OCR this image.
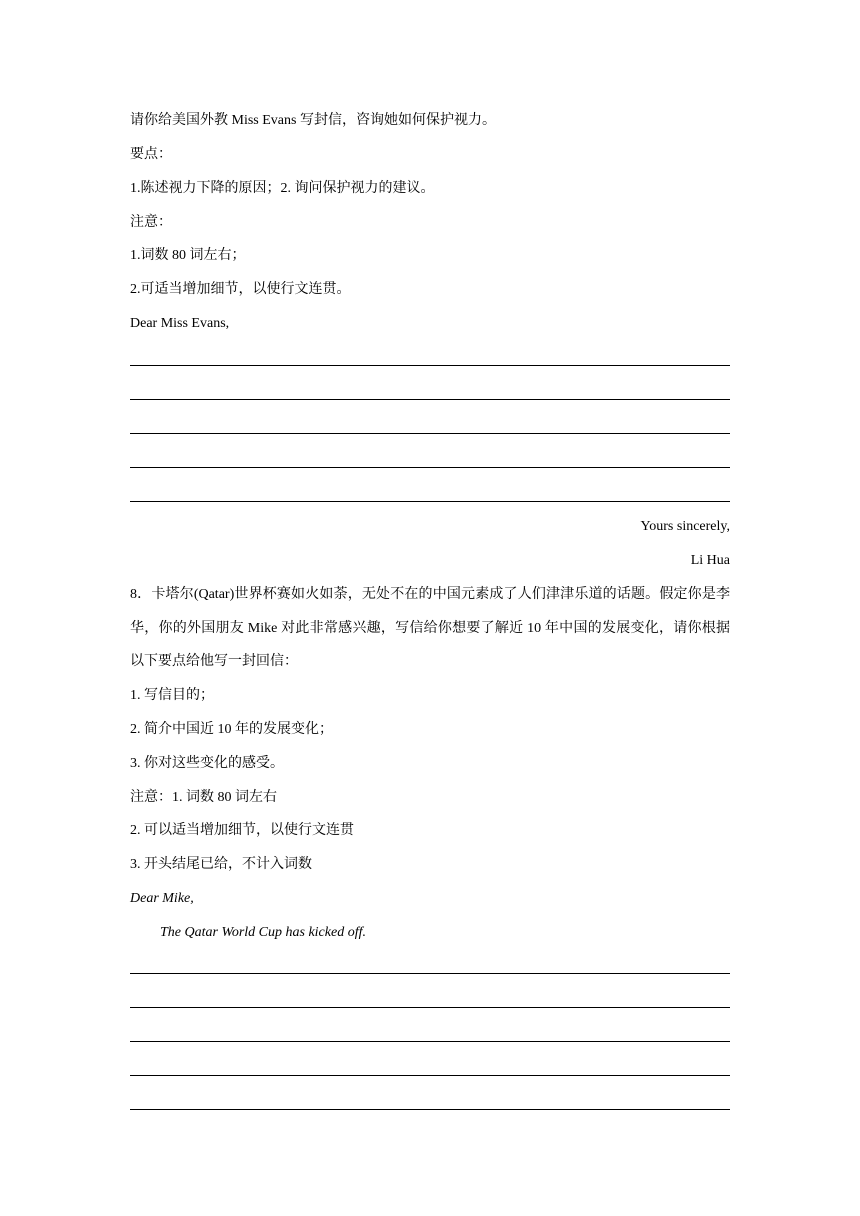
请你给美国外教 Miss Evans 写封信，咨询她如何保护视力。
要点：
1.陈述视力下降的原因；2. 询问保护视力的建议。
注意：
1.词数 80 词左右；
2.可适当增加细节，以使行文连贯。
Dear Miss Evans,
Yours sincerely,
Li Hua
8．卡塔尔(Qatar)世界杯赛如火如荼，无处不在的中国元素成了人们津津乐道的话题。假定你是李华，你的外国朋友 Mike 对此非常感兴趣，写信给你想要了解近 10 年中国的发展变化，请你根据以下要点给他写一封回信：
1. 写信目的；
2. 简介中国近 10 年的发展变化；
3. 你对这些变化的感受。
注意：1. 词数 80 词左右
2. 可以适当增加细节，以使行文连贯
3. 开头结尾已给，不计入词数
Dear Mike,
The Qatar World Cup has kicked off.
